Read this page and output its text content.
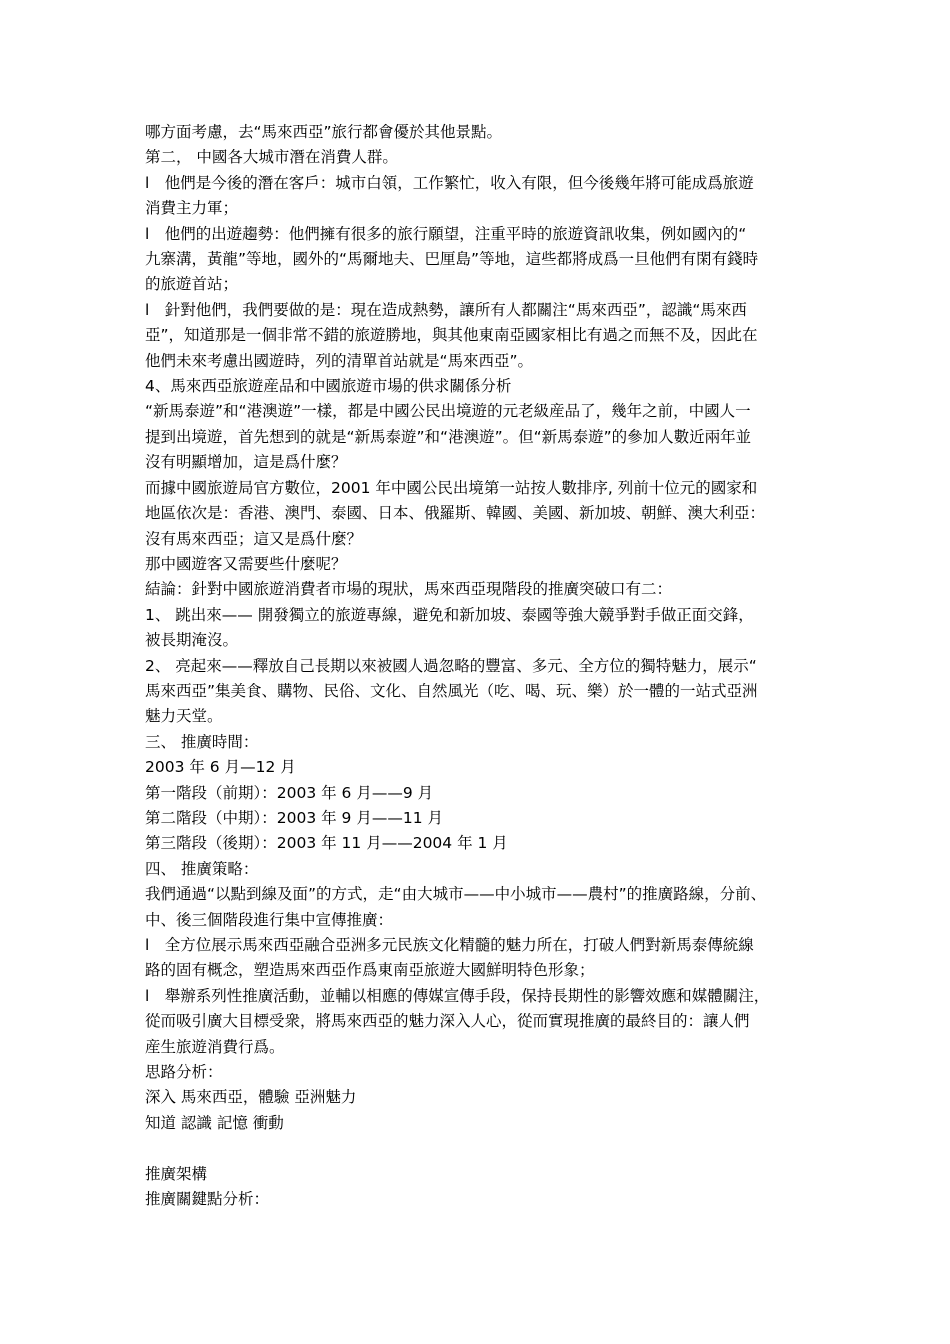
哪方面考慮，去“馬來西亞”旅行都會優於其他景點。
第二， 中國各大城市潛在消費人群。
l　他們是今後的潛在客戶：城市白領，工作繁忙，收入有限，但今後幾年將可能成爲旅遊
消費主力軍；
l　他們的出遊趨勢：他們擁有很多的旅行願望，注重平時的旅遊資訊收集，例如國內的“
九寨溝，黃龍”等地，國外的“馬爾地夫、巴厘島”等地，這些都將成爲一旦他們有閑有錢時
的旅遊首站；
l　針對他們，我們要做的是：現在造成熱勢，讓所有人都關注“馬來西亞”，認識“馬來西
亞”，知道那是一個非常不錯的旅遊勝地，與其他東南亞國家相比有過之而無不及，因此在
他們未來考慮出國遊時，列的清單首站就是“馬來西亞”。
4、馬來西亞旅遊産品和中國旅遊市場的供求關係分析
“新馬泰遊”和“港澳遊”一樣，都是中國公民出境遊的元老級産品了，幾年之前，中國人一
提到出境遊，首先想到的就是“新馬泰遊”和“港澳遊”。但“新馬泰遊”的參加人數近兩年並
沒有明顯增加，這是爲什麼？
而據中國旅遊局官方數位，2001 年中國公民出境第一站按人數排序, 列前十位元的國家和
地區依次是：香港、澳門、泰國、日本、俄羅斯、韓國、美國、新加坡、朝鮮、澳大利亞：
沒有馬來西亞；這又是爲什麼？
那中國遊客又需要些什麼呢？
結論：針對中國旅遊消費者市場的現狀，馬來西亞現階段的推廣突破口有二：
1、 跳出來—— 開發獨立的旅遊專線，避免和新加坡、泰國等強大競爭對手做正面交鋒，
被長期淹沒。
2、 亮起來——釋放自己長期以來被國人過忽略的豐富、多元、全方位的獨特魅力，展示“
馬來西亞”集美食、購物、民俗、文化、自然風光（吃、喝、玩、樂）於一體的一站式亞洲
魅力天堂。
三、 推廣時間：
2003 年 6 月—12 月
第一階段（前期）：2003 年 6 月——9 月
第二階段（中期）：2003 年 9 月——11 月
第三階段（後期）：2003 年 11 月——2004 年 1 月
四、 推廣策略：
我們通過“以點到線及面”的方式，走“由大城市——中小城市——農村”的推廣路線，分前、
中、後三個階段進行集中宣傳推廣：
l　全方位展示馬來西亞融合亞洲多元民族文化精髓的魅力所在，打破人們對新馬泰傳統線
路的固有概念，塑造馬來西亞作爲東南亞旅遊大國鮮明特色形象；
l　舉辦系列性推廣活動，並輔以相應的傳媒宣傳手段，保持長期性的影響效應和媒體關注，
從而吸引廣大目標受衆，將馬來西亞的魅力深入人心，從而實現推廣的最終目的：讓人們
産生旅遊消費行爲。
思路分析：
深入 馬來西亞，體驗 亞洲魅力
知道 認識 記憶 衝動
推廣架構
推廣關鍵點分析：
